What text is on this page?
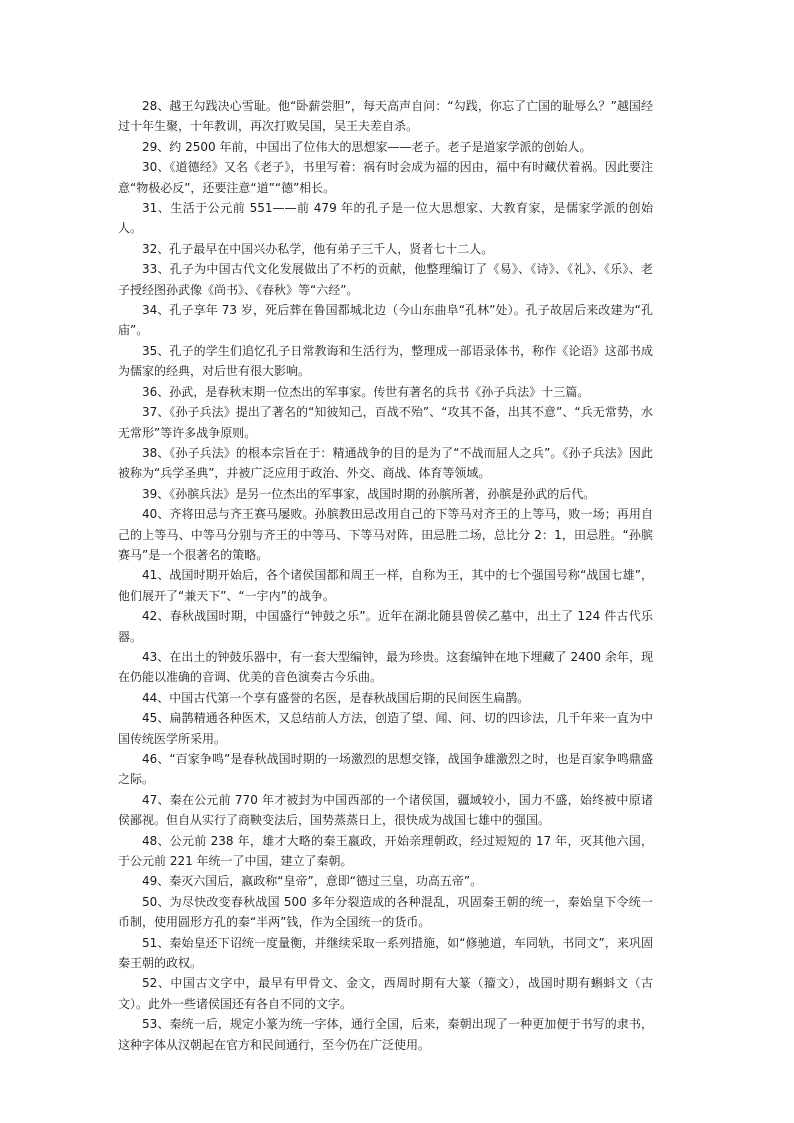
28、越王勾践决心雪耻。他“卧薪尝胆”，每天高声自问：“勾践，你忘了亡国的耻辱么？”越国经过十年生聚，十年教训，再次打败吴国，吴王夫差自杀。

29、约 2500 年前，中国出了位伟大的思想家——老子。老子是道家学派的创始人。

30、《道德经》又名《老子》，书里写着：祸有时会成为福的因由，福中有时藏伏着祸。因此要注意“物极必反”，还要注意“道”“德”相长。

31、生活于公元前 551——前 479 年的孔子是一位大思想家、大教育家，是儒家学派的创始人。

32、孔子最早在中国兴办私学，他有弟子三千人，贤者七十二人。

33、孔子为中国古代文化发展做出了不朽的贡献，他整理编订了《易》、《诗》、《礼》、《乐》、老子授经图孙武像《尚书》、《春秋》等“六经”。

34、孔子享年 73 岁，死后葬在鲁国都城北边（今山东曲阜“孔林”处）。孔子故居后来改建为“孔庙”。

35、孔子的学生们追忆孔子日常教诲和生活行为，整理成一部语录体书，称作《论语》这部书成为儒家的经典，对后世有很大影响。

36、孙武，是春秋末期一位杰出的军事家。传世有著名的兵书《孙子兵法》十三篇。

37、《孙子兵法》提出了著名的“知彼知己，百战不殆”、“攻其不备，出其不意”、“兵无常势，水无常形”等许多战争原则。

38、《孙子兵法》的根本宗旨在于：精通战争的目的是为了“不战而屈人之兵”。《孙子兵法》因此被称为“兵学圣典”，并被广泛应用于政治、外交、商战、体育等领域。

39、《孙膑兵法》是另一位杰出的军事家，战国时期的孙膑所著，孙膑是孙武的后代。

40、齐将田忌与齐王赛马屡败。孙膑教田忌改用自己的下等马对齐王的上等马，败一场；再用自己的上等马、中等马分别与齐王的中等马、下等马对阵，田忌胜二场，总比分 2：1，田忌胜。“孙膑赛马”是一个很著名的策略。

41、战国时期开始后，各个诸侯国都和周王一样，自称为王，其中的七个强国号称“战国七雄”，他们展开了“兼天下”、“一宇内”的战争。

42、春秋战国时期，中国盛行“钟鼓之乐”。近年在湖北随县曾侯乙墓中，出土了 124 件古代乐器。

43、在出土的钟鼓乐器中，有一套大型编钟，最为珍贵。这套编钟在地下埋藏了 2400 余年，现在仍能以准确的音调、优美的音色演奏古今乐曲。

44、中国古代第一个享有盛誉的名医，是春秋战国后期的民间医生扁鹊。

45、扁鹊精通各种医术，又总结前人方法，创造了望、闻、问、切的四诊法，几千年来一直为中国传统医学所采用。

46、“百家争鸣”是春秋战国时期的一场激烈的思想交锋，战国争雄激烈之时，也是百家争鸣鼎盛之际。

47、秦在公元前 770 年才被封为中国西部的一个诸侯国，疆域较小，国力不盛，始终被中原诸侯鄙视。但自从实行了商鞅变法后，国势蒸蒸日上，很快成为战国七雄中的强国。

48、公元前 238 年，雄才大略的秦王嬴政，开始亲理朝政，经过短短的 17 年，灭其他六国，于公元前 221 年统一了中国，建立了秦朝。

49、秦灭六国后，嬴政称“皇帝”，意即“德过三皇，功高五帝”。

50、为尽快改变春秋战国 500 多年分裂造成的各种混乱，巩固秦王朝的统一，秦始皇下令统一币制，使用圆形方孔的秦“半两”钱，作为全国统一的货币。

51、秦始皇还下诏统一度量衡，并继续采取一系列措施，如“修驰道，车同轨，书同文”，来巩固秦王朝的政权。

52、中国古文字中，最早有甲骨文、金文，西周时期有大篆（籀文），战国时期有蝌蚪文（古文）。此外一些诸侯国还有各自不同的文字。

53、秦统一后，规定小篆为统一字体，通行全国，后来，秦朝出现了一种更加便于书写的隶书，这种字体从汉朝起在官方和民间通行，至今仍在广泛使用。
